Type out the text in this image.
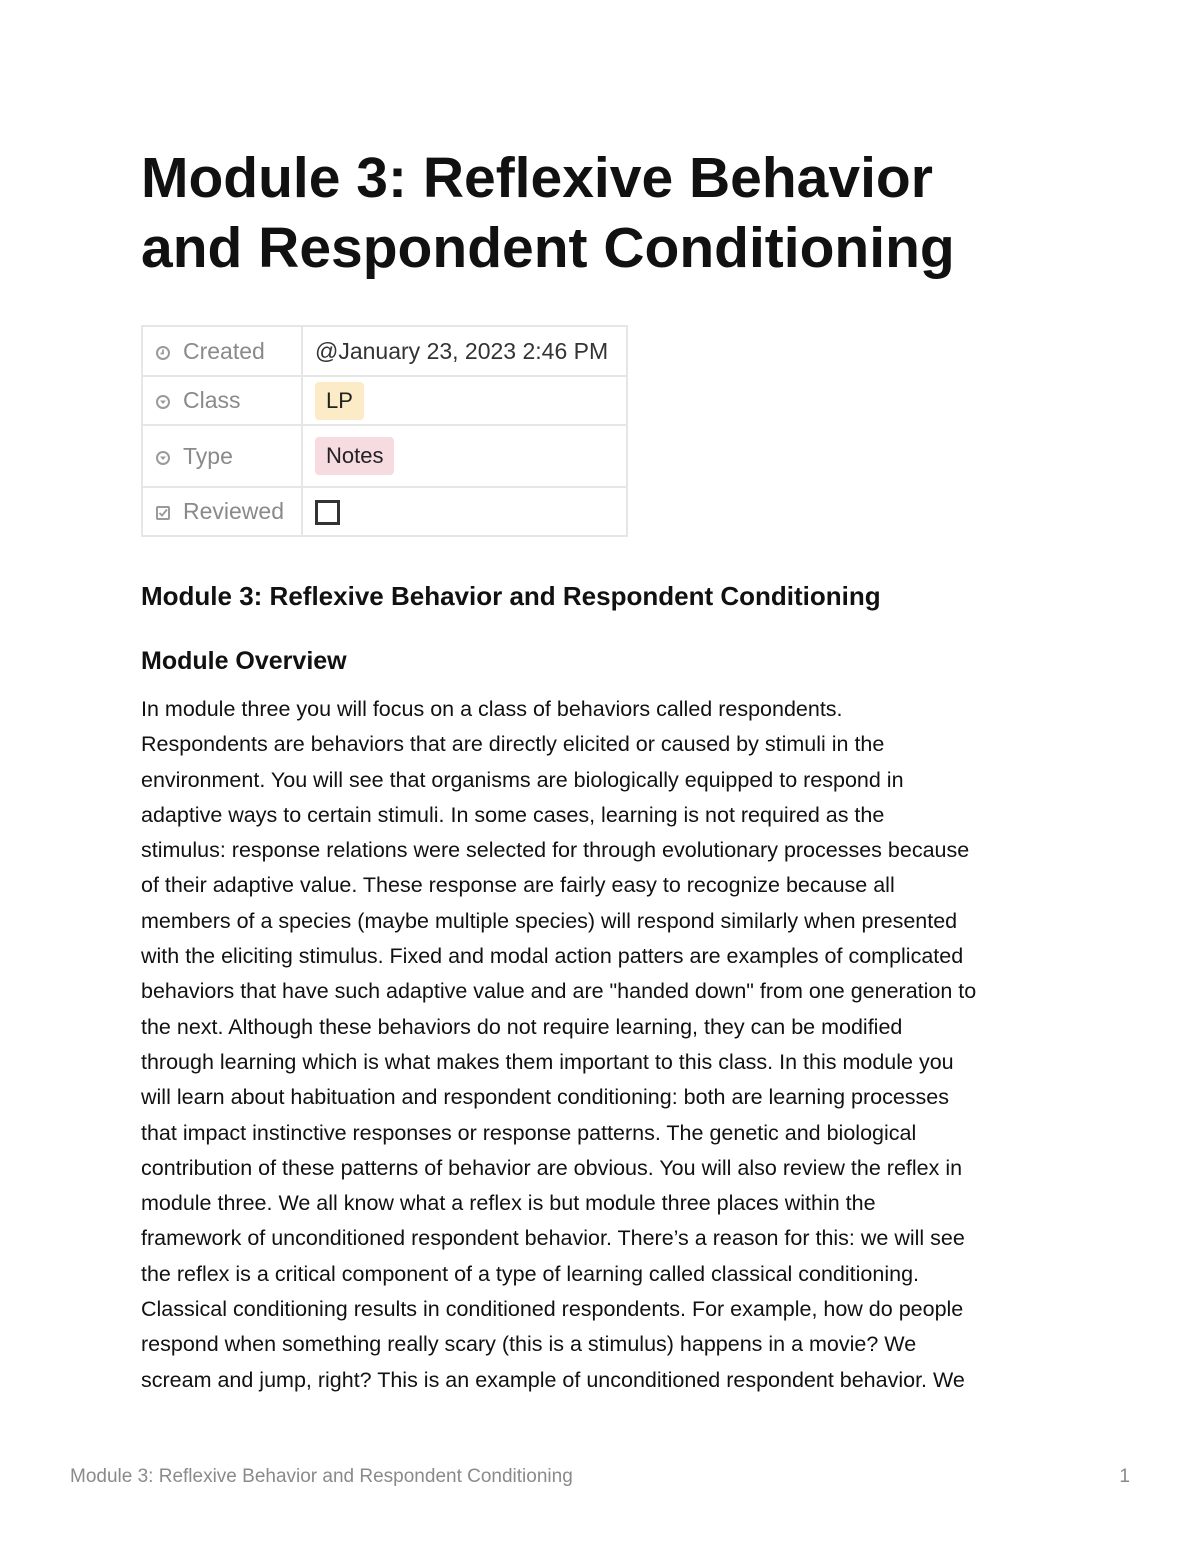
Module 3: Reflexive Behavior
and Respondent Conditioning
Created	@January 23, 2023 2:46 PM
Class	LP
Type	Notes
Reviewed	
Module 3: Reflexive Behavior and Respondent Conditioning
Module Overview

In module three you will focus on a class of behaviors called respondents.
Respondents are behaviors that are directly elicited or caused by stimuli in the
environment. You will see that organisms are biologically equipped to respond in
adaptive ways to certain stimuli. In some cases, learning is not required as the
stimulus: response relations were selected for through evolutionary processes because
of their adaptive value. These response are fairly easy to recognize because all
members of a species (maybe multiple species) will respond similarly when presented
with the eliciting stimulus. Fixed and modal action patters are examples of complicated
behaviors that have such adaptive value and are "handed down" from one generation to
the next. Although these behaviors do not require learning, they can be modified
through learning which is what makes them important to this class. In this module you
will learn about habituation and respondent conditioning: both are learning processes
that impact instinctive responses or response patterns. The genetic and biological
contribution of these patterns of behavior are obvious. You will also review the reflex in
module three. We all know what a reflex is but module three places within the
framework of unconditioned respondent behavior. There’s a reason for this: we will see
the reflex is a critical component of a type of learning called classical conditioning.
Classical conditioning results in conditioned respondents. For example, how do people
respond when something really scary (this is a stimulus) happens in a movie? We
scream and jump, right? This is an example of unconditioned respondent behavior. We

Module 3: Reflexive Behavior and Respondent Conditioning	1
